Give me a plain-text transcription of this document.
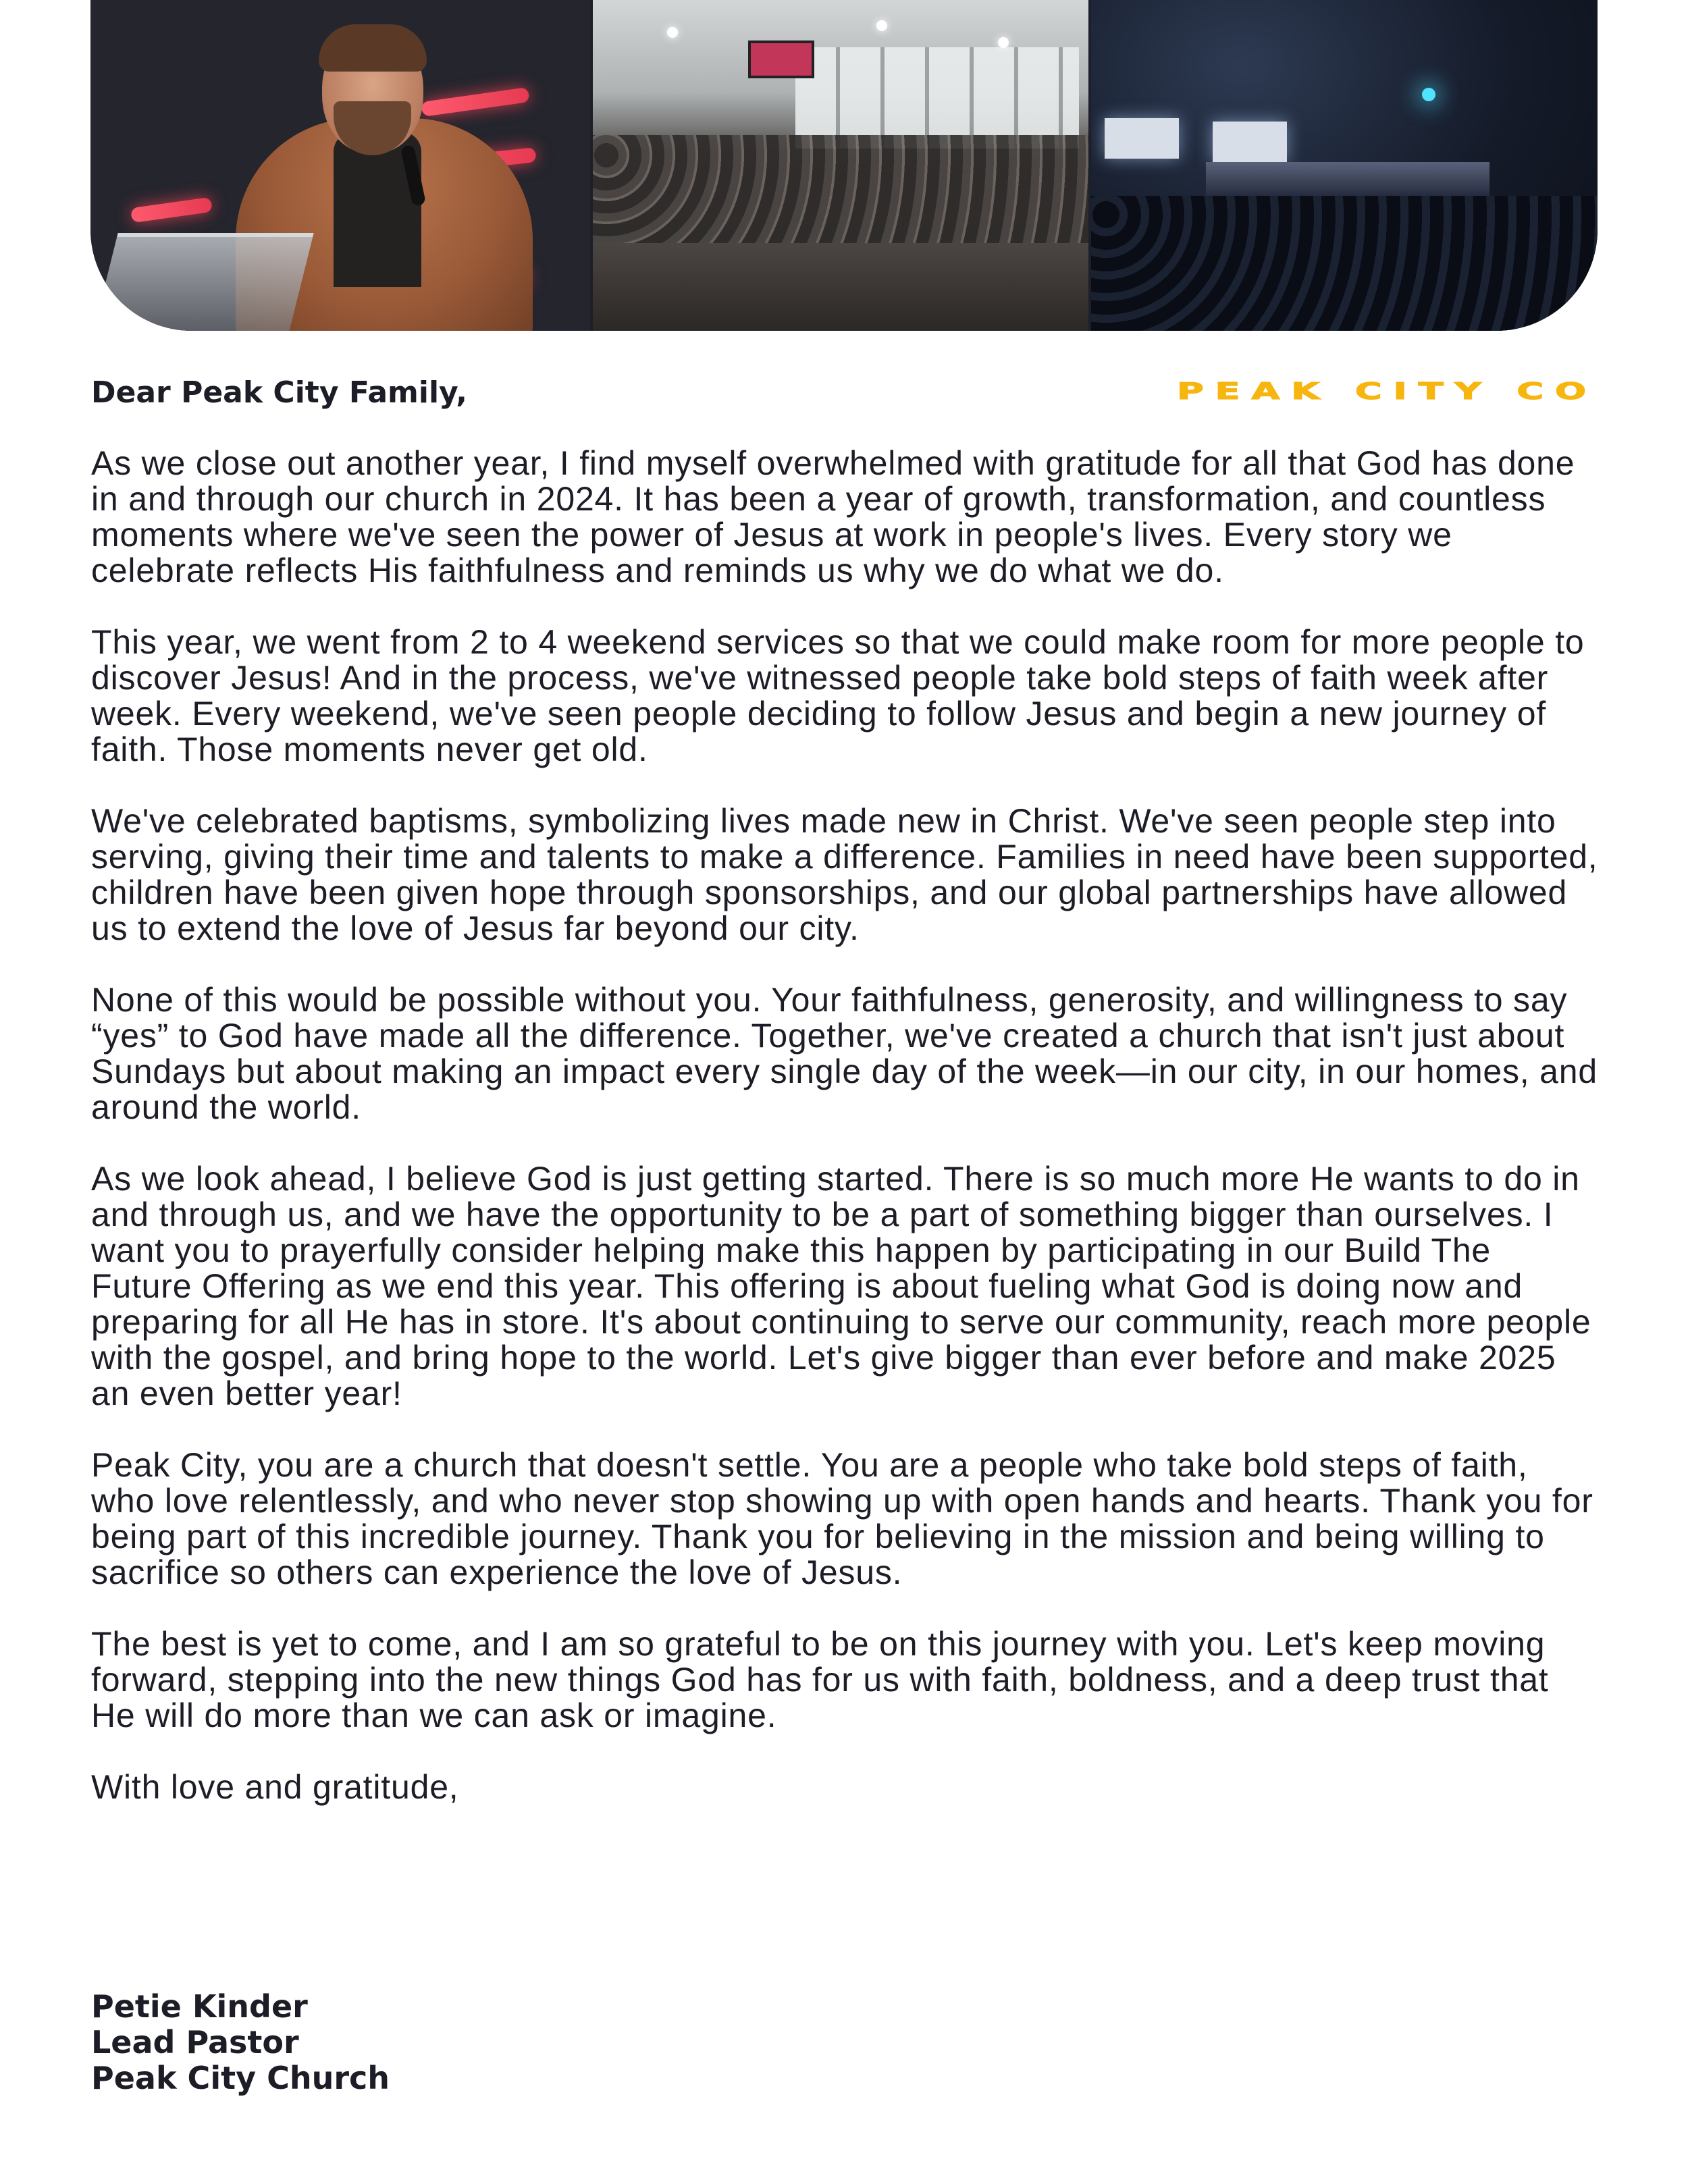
Dear Peak City Family,	PEAK CITY CO

As we close out another year, I find myself overwhelmed with gratitude for all that God has done in and through our church in 2024. It has been a year of growth, transformation, and countless moments where we've seen the power of Jesus at work in people's lives. Every story we celebrate reflects His faithfulness and reminds us why we do what we do.

This year, we went from 2 to 4 weekend services so that we could make room for more people to discover Jesus! And in the process, we've witnessed people take bold steps of faith week after week. Every weekend, we've seen people deciding to follow Jesus and begin a new journey of faith. Those moments never get old.

We've celebrated baptisms, symbolizing lives made new in Christ. We've seen people step into serving, giving their time and talents to make a difference. Families in need have been supported, children have been given hope through sponsorships, and our global partnerships have allowed us to extend the love of Jesus far beyond our city.

None of this would be possible without you. Your faithfulness, generosity, and willingness to say “yes” to God have made all the difference. Together, we've created a church that isn't just about Sundays but about making an impact every single day of the week—in our city, in our homes, and around the world.

As we look ahead, I believe God is just getting started. There is so much more He wants to do in and through us, and we have the opportunity to be a part of something bigger than ourselves. I want you to prayerfully consider helping make this happen by participating in our Build The Future Offering as we end this year. This offering is about fueling what God is doing now and preparing for all He has in store. It's about continuing to serve our community, reach more people with the gospel, and bring hope to the world. Let's give bigger than ever before and make 2025 an even better year!

Peak City, you are a church that doesn't settle. You are a people who take bold steps of faith, who love relentlessly, and who never stop showing up with open hands and hearts. Thank you for being part of this incredible journey. Thank you for believing in the mission and being willing to sacrifice so others can experience the love of Jesus.

The best is yet to come, and I am so grateful to be on this journey with you. Let's keep moving forward, stepping into the new things God has for us with faith, boldness, and a deep trust that He will do more than we can ask or imagine.

With love and gratitude,

Petie Kinder
Lead Pastor
Peak City Church
